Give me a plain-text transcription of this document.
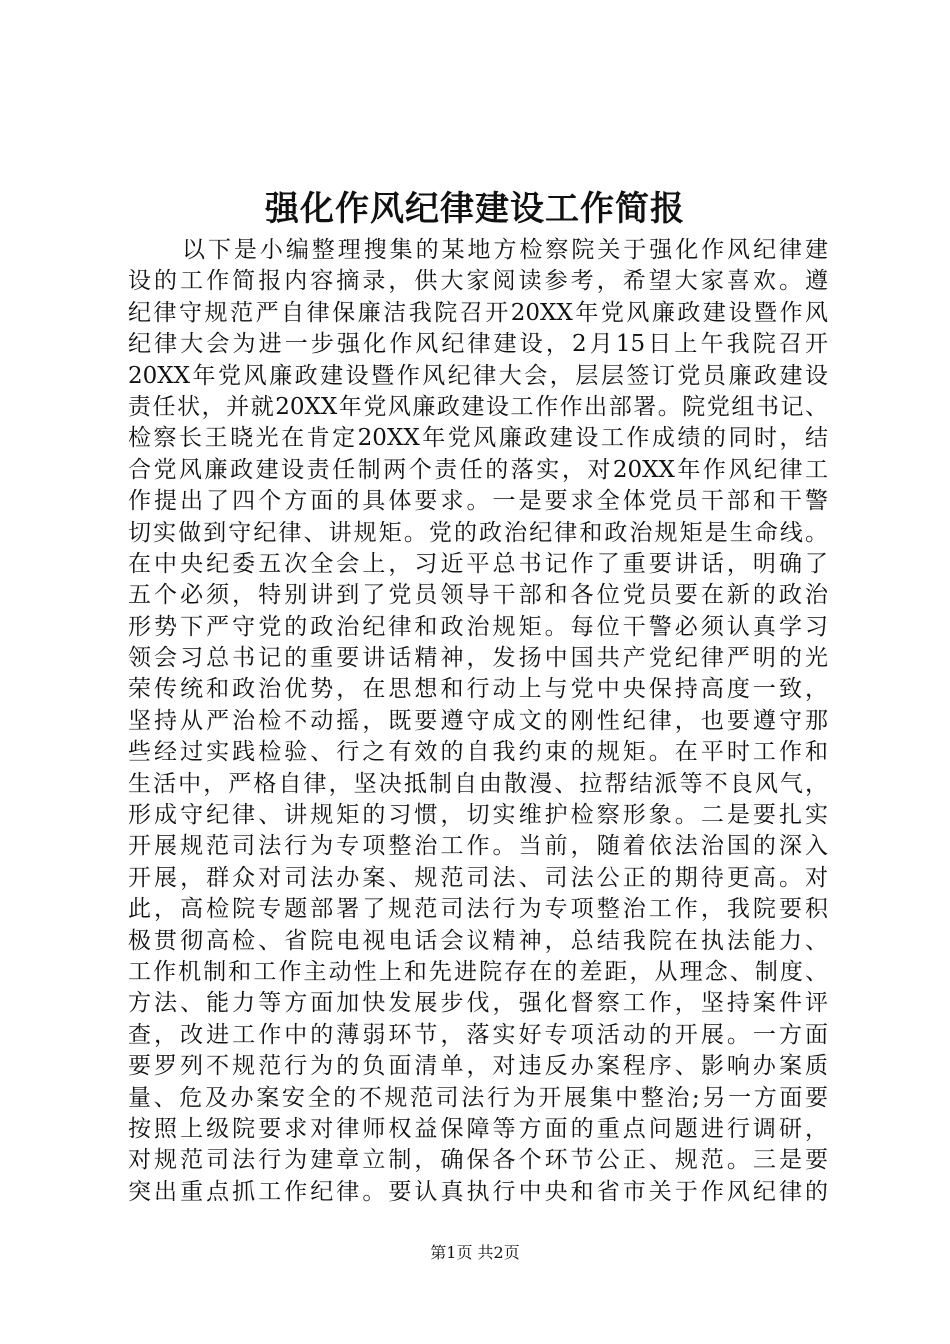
强化作风纪律建设工作简报
以下是小编整理搜集的某地方检察院关于强化作风纪律建
设的工作简报内容摘录，供大家阅读参考，希望大家喜欢。遵
纪律守规范严自律保廉洁我院召开20XX年党风廉政建设暨作风
纪律大会为进一步强化作风纪律建设，2月15日上午我院召开
20XX年党风廉政建设暨作风纪律大会，层层签订党员廉政建设
责任状，并就20XX年党风廉政建设工作作出部署。院党组书记、
检察长王晓光在肯定20XX年党风廉政建设工作成绩的同时，结
合党风廉政建设责任制两个责任的落实，对20XX年作风纪律工
作提出了四个方面的具体要求。一是要求全体党员干部和干警
切实做到守纪律、讲规矩。党的政治纪律和政治规矩是生命线。
在中央纪委五次全会上，习近平总书记作了重要讲话，明确了
五个必须，特别讲到了党员领导干部和各位党员要在新的政治
形势下严守党的政治纪律和政治规矩。每位干警必须认真学习
领会习总书记的重要讲话精神，发扬中国共产党纪律严明的光
荣传统和政治优势，在思想和行动上与党中央保持高度一致，
坚持从严治检不动摇，既要遵守成文的刚性纪律，也要遵守那
些经过实践检验、行之有效的自我约束的规矩。在平时工作和
生活中，严格自律，坚决抵制自由散漫、拉帮结派等不良风气，
形成守纪律、讲规矩的习惯，切实维护检察形象。二是要扎实
开展规范司法行为专项整治工作。当前，随着依法治国的深入
开展，群众对司法办案、规范司法、司法公正的期待更高。对
此，高检院专题部署了规范司法行为专项整治工作，我院要积
极贯彻高检、省院电视电话会议精神，总结我院在执法能力、
工作机制和工作主动性上和先进院存在的差距，从理念、制度、
方法、能力等方面加快发展步伐，强化督察工作，坚持案件评
查，改进工作中的薄弱环节，落实好专项活动的开展。一方面
要罗列不规范行为的负面清单，对违反办案程序、影响办案质
量、危及办案安全的不规范司法行为开展集中整治;另一方面要
按照上级院要求对律师权益保障等方面的重点问题进行调研，
对规范司法行为建章立制，确保各个环节公正、规范。三是要
突出重点抓工作纪律。要认真执行中央和省市关于作风纪律的
第1页 共2页
